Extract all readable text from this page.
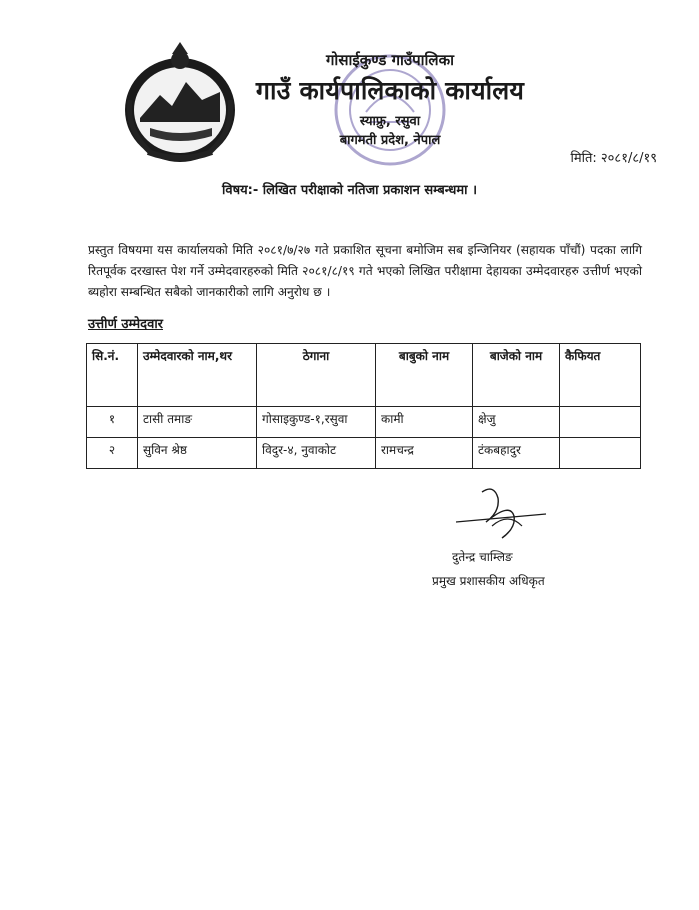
गोसाईकुण्ड गाउँपालिका
गाउँ कार्यपालिकाको कार्यालय
स्याफ्रु, रसुवा
बागमती प्रदेश, नेपाल
मिति: २०८१/८/१९
विषय:- लिखित परीक्षाको नतिजा प्रकाशन सम्बन्धमा ।
प्रस्तुत विषयमा यस कार्यालयको मिति २०८१/७/२७ गते प्रकाशित सूचना बमोजिम सब इन्जिनियर (सहायक पाँचौं) पदका लागि रितपूर्वक दरखास्त पेश गर्ने उम्मेदवारहरुको मिति २०८१/८/१९ गते भएको लिखित परीक्षामा देहायका उम्मेदवारहरु उत्तीर्ण भएको ब्यहोरा सम्बन्धित सबैको जानकारीको लागि अनुरोध छ ।
उत्तीर्ण उम्मेदवार
सि.नं.	उम्मेदवारको नाम,थर	ठेगाना	बाबुको नाम	बाजेको नाम	कैफियत
१	टासी तमाङ	गोसाइकुण्ड-१,रसुवा	कामी	क्षेजु	
२	सुविन श्रेष्ठ	विदुर-४, नुवाकोट	रामचन्द्र	टंकबहादुर	
दुतेन्द्र चाम्लिङ
प्रमुख प्रशासकीय अधिकृत
